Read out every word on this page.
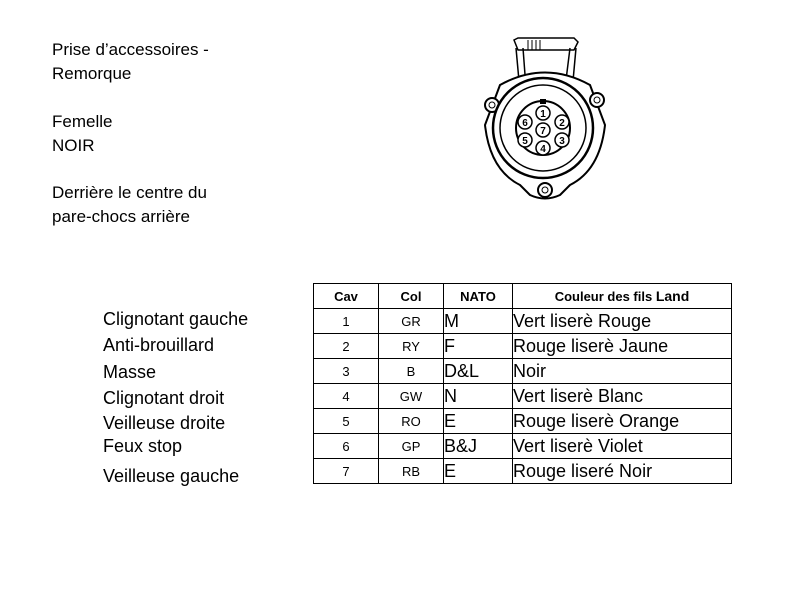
Prise d’accessoires -
Remorque
Femelle
NOIR
Derrière le centre du
pare-chocs arrière
1
2
3
4
5
6
7
Clignotant gauche
Anti-brouillard
Masse
Clignotant droit
Veilleuse droite
Feux stop
Veilleuse gauche
Cav	Col	NATO	Couleur des fils Land
1	GR	M	Vert liserè Rouge
2	RY	F	Rouge liserè Jaune
3	B	D&L	Noir
4	GW	N	Vert liserè Blanc
5	RO	E	Rouge liserè Orange
6	GP	B&J	Vert liserè Violet
7	RB	E	Rouge liseré Noir
